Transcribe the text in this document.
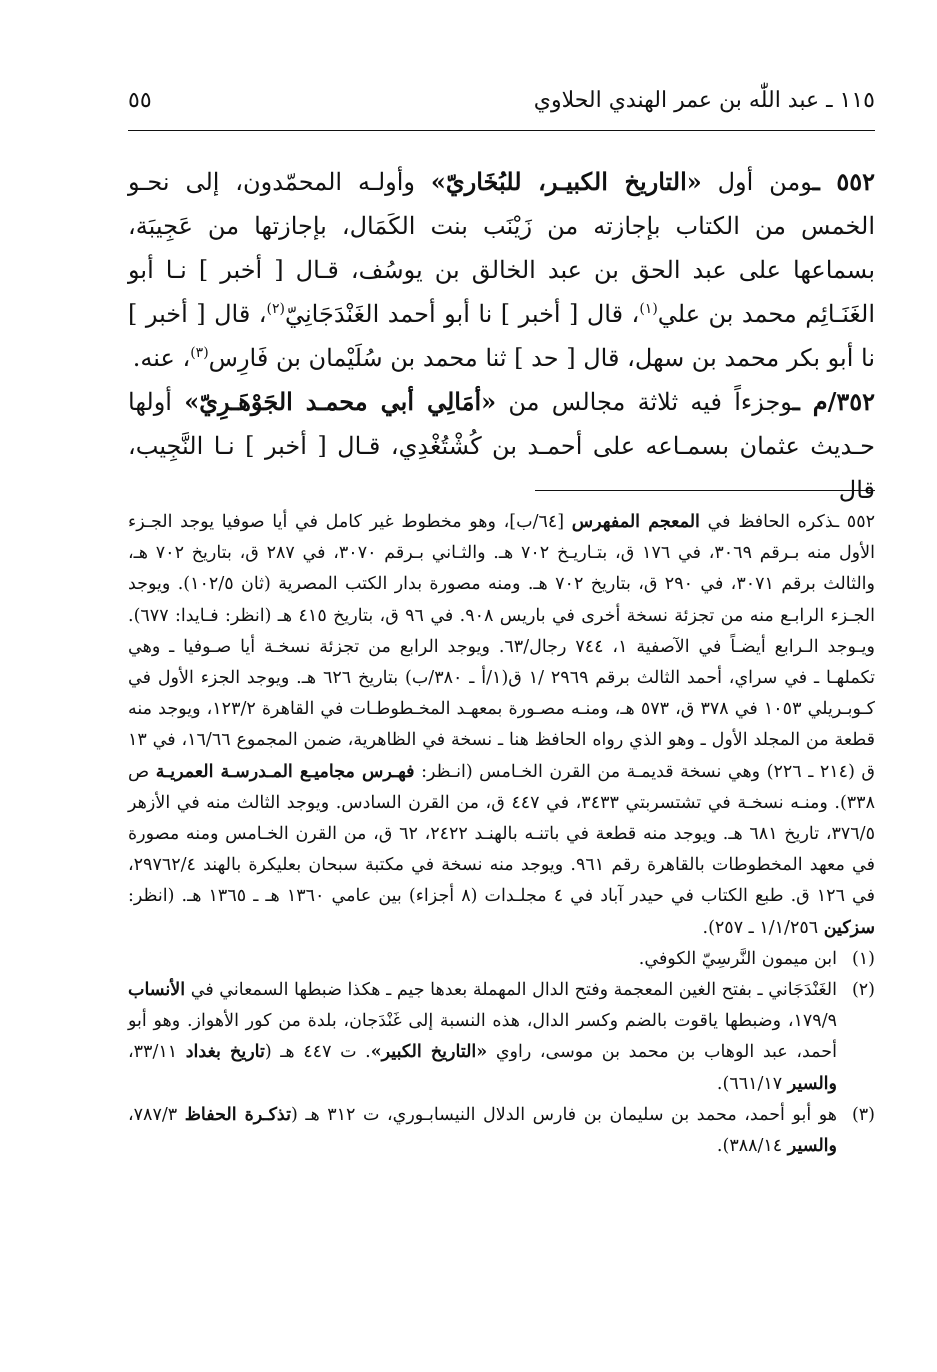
١١٥ ـ عبد اللّٰه بن عمر الهندي الحلاوي
٥٥

٥٥٢ ـومن أول «التاريخ الكبيـر، للبُخَاريّ» وأولـه المحمّدون، إلى نحـو الخمس من الكتاب بإجازته من زَيْنَب بنت الكَمَال، بإجازتها من عَجِيبَة، بسماعها على عبد الحق بن عبد الخالق بن يوسُف، قـال [ أخبر ] نـا أبو الغَنَـائِم محمد بن علي$^{(١)}$، قال [ أخبر ] نا أبو أحمد الغَنْدَجَانِيّ$^{(٢)}$، قال [ أخبر ] نا أبو بكر محمد بن سهل، قال [ حد ] ثنا محمد بن سُلَيْمان بن فَارِس$^{(٣)}$، عنه.

٣٥٢/م ـوجزءاً فيه ثلاثة مجالس من «أمَالِي أبي محمـد الجَوْهَـرِيّ» أولها حـديث عثمان بسمـاعه على أحمـد بن كُشْتُغْدِي، قـال [ أخبر ] نـا النَّجِيب، قال

٥٥٢ ـذكره الحافظ في المعجم المفهرس [٦٤/ب]، وهو مخطوط غير كامل في أيا صوفيا يوجد الجـزء الأول منه بـرقم ٣٠٦٩، في ١٧٦ ق، بتـاريـخ ٧٠٢ هـ. والثـاني بـرقم ٣٠٧٠، في ٢٨٧ ق، بتاريخ ٧٠٢ هـ، والثالث برقم ٣٠٧١، في ٢٩٠ ق، بتاريخ ٧٠٢ هـ. ومنه مصورة بدار الكتب المصرية (ثان ١٠٢/٥). ويوجد الجـزء الرابـع منه من تجزئة نسخة أخرى في باريس ٩٠٨. في ٩٦ ق، بتاريخ ٤١٥ هـ (انظر: فـايدا: ٦٧٧). ويـوجد الـرابع أيضـاً في الآصفية ١، ٧٤٤ رجال/٦٣. ويوجد الرابع من تجزئة نسخـة أيا صـوفيا ـ وهي تكملهـا ـ في سراي، أحمد الثالث برقم ٢٩٦٩ /١ ق(١/أ ـ ٣٨٠/ب) بتاريخ ٦٢٦ هـ. ويوجد الجزء الأول في كـوبـريلي ١٠٥٣ في ٣٧٨ ق، ٥٧٣ هـ، ومنـه مصـورة بمعهـد المخـطوطـات في القاهرة ١٢٣/٢، ويوجد منه قطعة من المجلد الأول ـ وهو الذي رواه الحافظ هنا ـ نسخة في الظاهرية، ضمن المجموع ١٦/٦٦، في ١٣ ق (٢١٤ ـ ٢٢٦) وهي نسخة قديمـة من القرن الخـامس (انـظر: فهـرس مجاميـع المـدرسـة العمريـة ص ٣٣٨). ومنـه نسخـة في تشتسربتي ٣٤٣٣، في ٤٤٧ ق، من القرن السادس. ويوجد الثالث منه في الأزهر ٣٧٦/٥، تاريخ ٦٨١ هـ. ويوجد منه قطعة في باتنـه بالهنـد ٢٤٢٢، ٦٢ ق، من القرن الخـامس ومنه مصورة في معهد المخطوطات بالقاهرة رقم ٩٦١. ويوجد منه نسخة في مكتبة سبحان بعليكرة بالهند ٢٩٧٦٢/٤، في ١٢٦ ق. طبع الكتاب في حيدر آباد في ٤ مجلـدات (٨ أجزاء) بين عامي ١٣٦٠ هـ ـ ١٣٦٥ هـ. (انظر: سزكين ١/١/٢٥٦ ـ ٢٥٧).

(١)
ابن ميمون النَّرسِيّ الكوفي.

(٢)
الغَنْدَجَاني ـ بفتح الغين المعجمة وفتح الدال المهملة بعدها جيم ـ هكذا ضبطها السمعاني في الأنساب ١٧٩/٩، وضبطها ياقوت بالضم وكسر الدال، هذه النسبة إلى غَنْدَجان، بلدة من كور الأهواز. وهو أبو أحمد، عبد الوهاب بن محمد بن موسى، راوي «التاريخ الكبير». ت ٤٤٧ هـ (تاريخ بغداد ٣٣/١١، والسير ٦٦١/١٧).

(٣)
هو أبو أحمد، محمد بن سليمان بن فارس الدلال النيسابـوري، ت ٣١٢ هـ (تذكـرة الحفاظ ٧٨٧/٣، والسير ٣٨٨/١٤).
